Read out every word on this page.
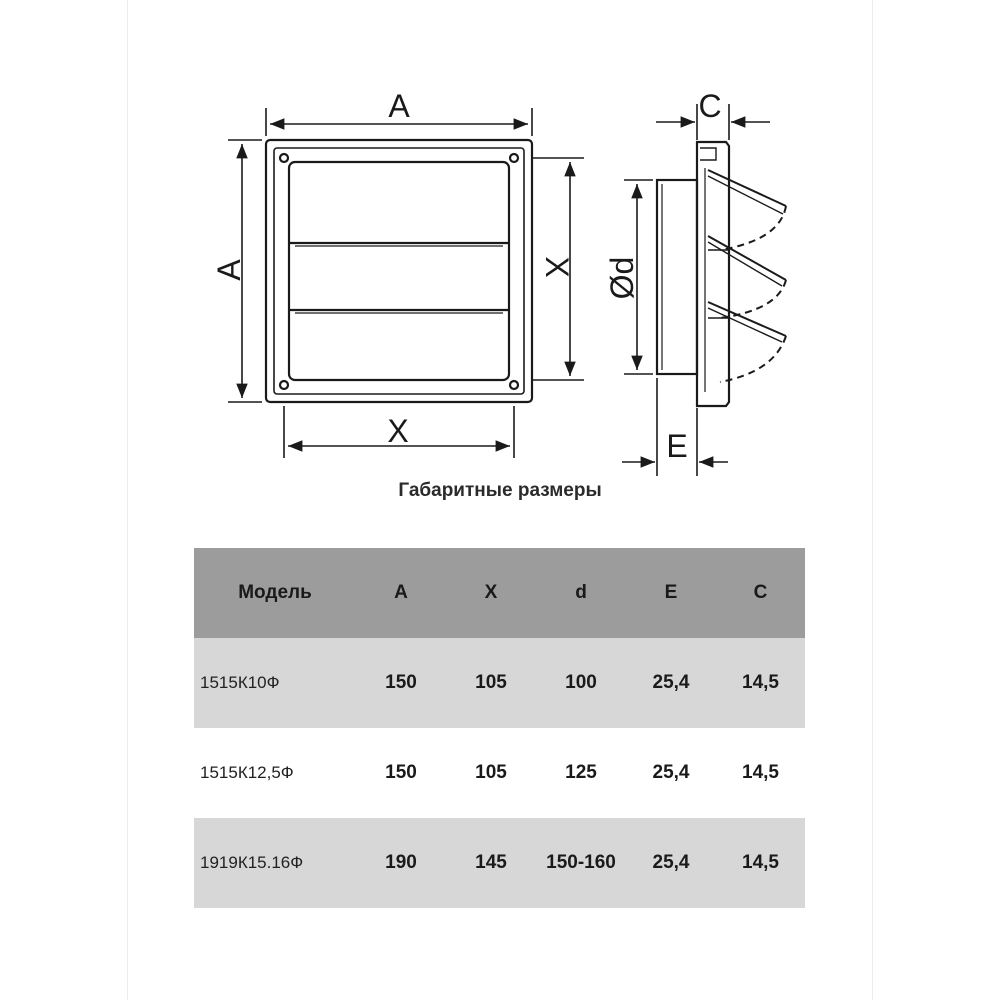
A
A	X
X
C
Ød
E
Габаритные размеры
Модель	A	X	d	E	C
1515К10Ф	150	105	100	25,4	14,5
1515К12,5Ф	150	105	125	25,4	14,5
1919К15.16Ф	190	145	150-160	25,4	14,5
